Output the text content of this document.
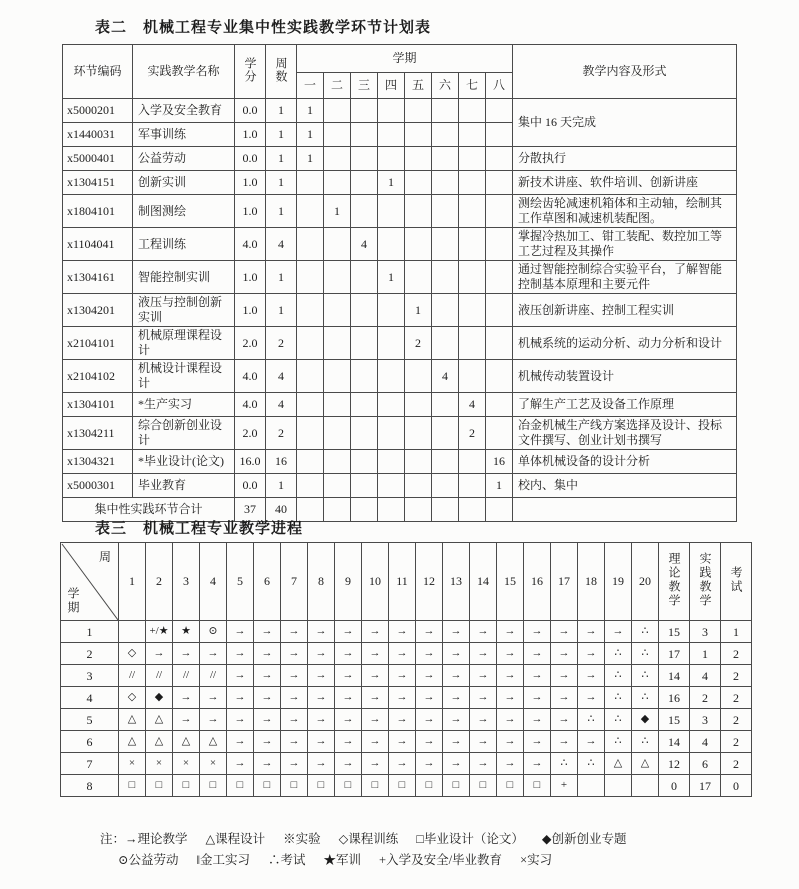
表二　机械工程专业集中性实践教学环节计划表
环节编码	实践教学名称	学分	周数	学期								教学内容及形式
				一	二	三	四	五	六	七	八	
x5000201	入学及安全教育	0.0	1	1								集中 16 天完成
x1440031	军事训练	1.0	1	1								
x5000401	公益劳动	0.0	1	1								分散执行
x1304151	创新实训	1.0	1				1					新技术讲座、软件培训、创新讲座
x1804101	制图测绘	1.0	1		1							测绘齿轮减速机箱体和主动轴，绘制其工作草图和减速机装配图。
x1104041	工程训练	4.0	4			4						掌握冷热加工、钳工装配、数控加工等工艺过程及其操作
x1304161	智能控制实训	1.0	1				1					通过智能控制综合实验平台，了解智能控制基本原理和主要元件
x1304201	液压与控制创新实训	1.0	1					1				液压创新讲座、控制工程实训
x2104101	机械原理课程设计	2.0	2					2				机械系统的运动分析、动力分析和设计
x2104102	机械设计课程设计	4.0	4						4			机械传动装置设计
x1304101	*生产实习	4.0	4							4		了解生产工艺及设备工作原理
x1304211	综合创新创业设计	2.0	2							2		冶金机械生产线方案选择及设计、投标文件撰写、创业计划书撰写
x1304321	*毕业设计(论文)	16.0	16								16	单体机械设备的设计分析
x5000301	毕业教育	0.0	1								1	校内、集中
集中性实践环节合计		37	40									
表三　机械工程专业教学进程
周
学期	1	2	3	4	5	6	7	8	9	10	11	12	13	14	15	16	17	18	19	20	理论教学	实践教学	考试
1		+/★	★	⊙	→	→	→	→	→	→	→	→	→	→	→	→	→	→	→	∴	15	3	1
2	◇	→	→	→	→	→	→	→	→	→	→	→	→	→	→	→	→	→	∴	∴	17	1	2
3	//	//	//	//	→	→	→	→	→	→	→	→	→	→	→	→	→	→	∴	∴	14	4	2
4	◇	◆	→	→	→	→	→	→	→	→	→	→	→	→	→	→	→	→	∴	∴	16	2	2
5	△	△	→	→	→	→	→	→	→	→	→	→	→	→	→	→	→	∴	∴	◆	15	3	2
6	△	△	△	△	→	→	→	→	→	→	→	→	→	→	→	→	→	→	∴	∴	14	4	2
7	×	×	×	×	→	→	→	→	→	→	→	→	→	→	→	→	∴	∴	△	△	12	6	2
8	□	□	□	□	□	□	□	□	□	□	□	□	□	□	□	□	+				0	17	0
注：→理论教学 △课程设计 ※实验 ◇课程训练 □毕业设计（论文） ◆创新创业专题
⊙公益劳动 ‖金工实习 ∴考试 ★军训 +入学及安全/毕业教育 ×实习
